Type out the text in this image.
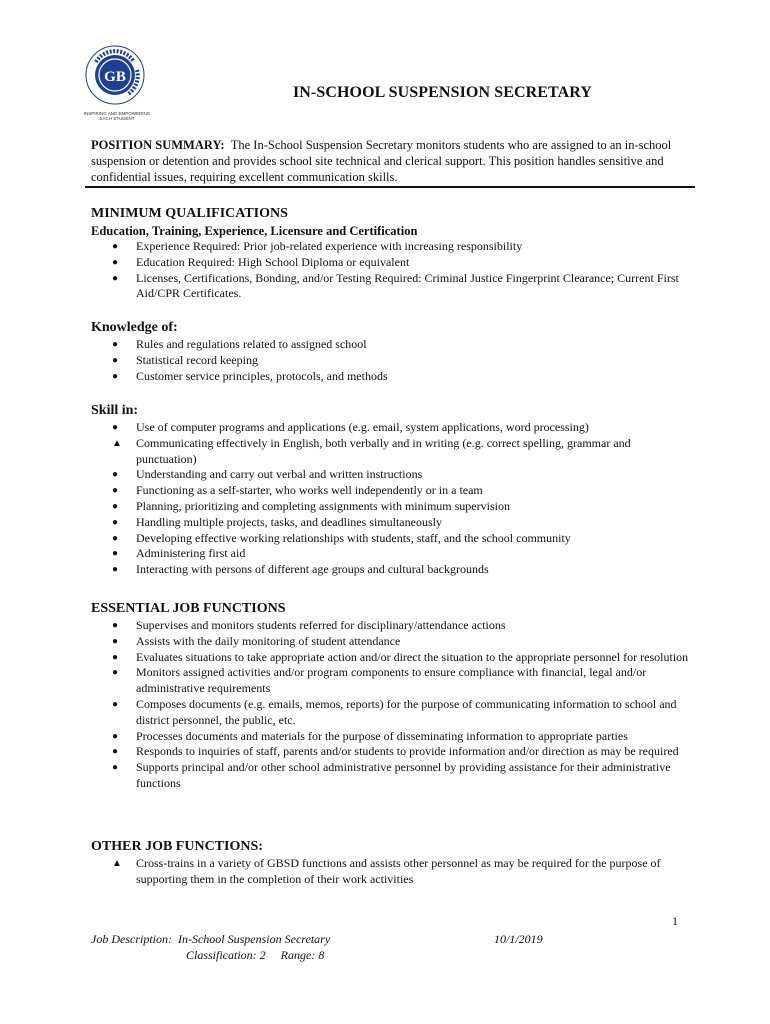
GB
INSPIRING AND EMPOWERING EACH STUDENT
IN-SCHOOL SUSPENSION SECRETARY
POSITION SUMMARY: The In-School Suspension Secretary monitors students who are assigned to an in-school suspension or detention and provides school site technical and clerical support. This position handles sensitive and confidential issues, requiring excellent communication skills.
MINIMUM QUALIFICATIONS
Education, Training, Experience, Licensure and Certification
● Experience Required: Prior job-related experience with increasing responsibility
● Education Required: High School Diploma or equivalent
● Licenses, Certifications, Bonding, and/or Testing Required: Criminal Justice Fingerprint Clearance; Current First Aid/CPR Certificates.
Knowledge of:
● Rules and regulations related to assigned school
● Statistical record keeping
● Customer service principles, protocols, and methods
Skill in:
● Use of computer programs and applications (e.g. email, system applications, word processing)
▲ Communicating effectively in English, both verbally and in writing (e.g. correct spelling, grammar and punctuation)
● Understanding and carry out verbal and written instructions
● Functioning as a self-starter, who works well independently or in a team
● Planning, prioritizing and completing assignments with minimum supervision
● Handling multiple projects, tasks, and deadlines simultaneously
● Developing effective working relationships with students, staff, and the school community
● Administering first aid
● Interacting with persons of different age groups and cultural backgrounds
ESSENTIAL JOB FUNCTIONS
● Supervises and monitors students referred for disciplinary/attendance actions
● Assists with the daily monitoring of student attendance
● Evaluates situations to take appropriate action and/or direct the situation to the appropriate personnel for resolution
● Monitors assigned activities and/or program components to ensure compliance with financial, legal and/or administrative requirements
● Composes documents (e.g. emails, memos, reports) for the purpose of communicating information to school and district personnel, the public, etc.
● Processes documents and materials for the purpose of disseminating information to appropriate parties
● Responds to inquiries of staff, parents and/or students to provide information and/or direction as may be required
● Supports principal and/or other school administrative personnel by providing assistance for their administrative functions
OTHER JOB FUNCTIONS:
▲ Cross-trains in a variety of GBSD functions and assists other personnel as may be required for the purpose of supporting them in the completion of their work activities
1
Job Description: In-School Suspension Secretary	10/1/2019
Classification: 2     Range: 8
